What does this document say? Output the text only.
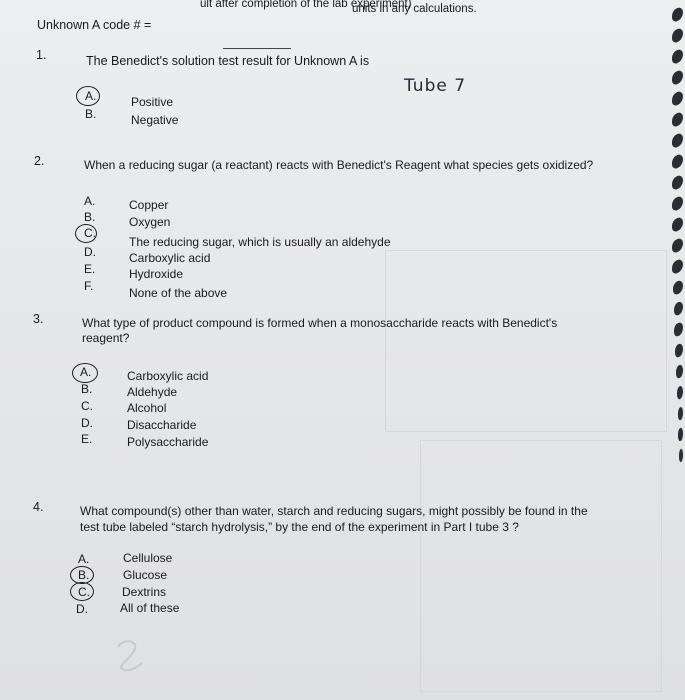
ult after completion of the lab experiment)
units in any calculations.
Unknown A code # =
1.	The Benedict's solution test result for Unknown A is
Tube 7
A.	Positive
B.	Negative
2.	When a reducing sugar (a reactant) reacts with Benedict's Reagent what species gets oxidized?
A.	Copper
B.	Oxygen
C.
The reducing sugar, which is usually an aldehyde
D.	Carboxylic acid
E.	Hydroxide
F.	None of the above
3.	What type of product compound is formed when a monosaccharide reacts with Benedict's
reagent?
A.	Carboxylic acid
B.	Aldehyde
C.	Alcohol
D.	Disaccharide
E.	Polysaccharide
4.	What compound(s) other than water, starch and reducing sugars, might possibly be found in the
test tube labeled “starch hydrolysis,” by the end of the experiment in Part I tube 3 ?
A.	Cellulose
B.	Glucose
C.	Dextrins
D.	All of these
